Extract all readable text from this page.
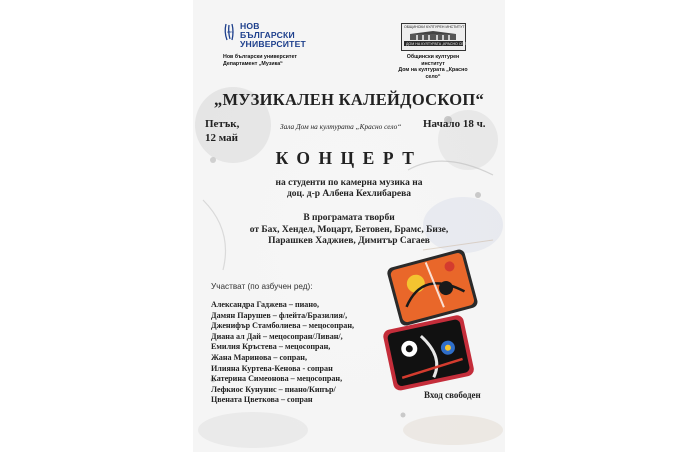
НБУ
НОВ
БЪЛГАРСКИ
УНИВЕРСИТЕТ
Нов български университет
Департамент „Музика“
ОБЩИНСКИ КУЛТУРЕН ИНСТИТУТ
ДОМ НА КУЛТУРАТА „КРАСНО СЕЛО“
Общински културен институт
Дом на културата „Красно село“
„МУЗИКАЛЕН КАЛЕЙДОСКОП“
Петък,
12 май
Зала Дом на културата „Красно село“ Начало 18 ч.
КОНЦЕРТ
на студенти по камерна музика на
доц. д-р Албена Кехлибарева
В програмата творби
от Бах, Хендел, Моцарт, Бетовен, Брамс, Бизе,
Парашкев Хаджиев, Димитър Сагаев
Участват (по азбучен ред):
Александра Гаджева – пиано,
Дамян Парушев – флейта/Бразилия/,
Дженифър Стамболиева – мецосопран,
Диана ал Дай – мецосопран/Ливан/,
Емилия Кръстева – мецосопран,
Жана Маринова – сопран,
Илияна Куртева-Кенова - сопран
Катерина Симеонова – мецосопран,
Лефкиос Кунунис – пиано/Кипър/
Цвената Цветкова – сопран	Вход свободен
